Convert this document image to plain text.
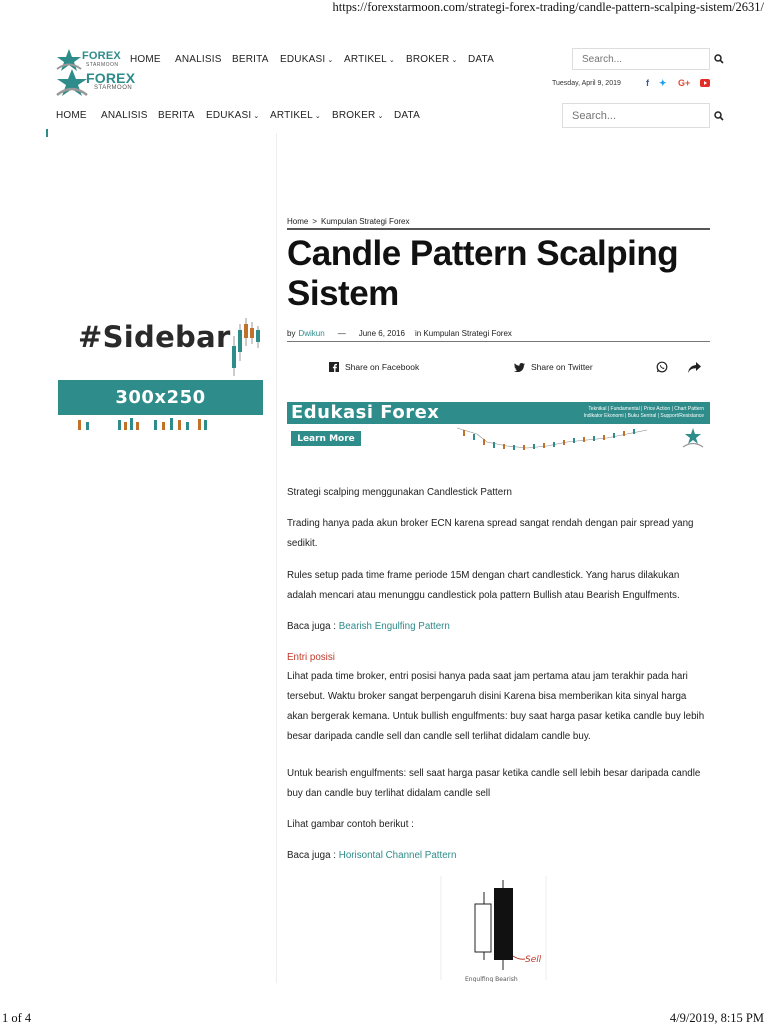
https://forexstarmoon.com/strategi-forex-trading/candle-pattern-scalping-sistem/2631/
FOREX
STARMOON HOME ANALISIS BERITA EDUKASI ⌄ ARTIKEL ⌄ BROKER ⌄ DATA
Search...
FOREX
STARMOON
Tuesday, April 9, 2019	f ✦ G+
HOME ANALISIS BERITA EDUKASI ⌄ ARTIKEL ⌄ BROKER ⌄ DATA
Search...
#Sidebar
300x250
Home > Kumpulan Strategi Forex
Candle Pattern Scalping Sistem
by Dwikun — June 6, 2016 in Kumpulan Strategi Forex
Share on Facebook	Share on Twitter
Edukasi Forex	Teknikal | Fundamental | Price Action | Chart Pattern
Indikator Ekonomi | Buku Sentral | Support/Resistance
Learn More
Strategi scalping menggunakan Candlestick Pattern
Trading hanya pada akun broker ECN karena spread sangat rendah dengan pair spread yang sedikit.
Rules setup pada time frame periode 15M dengan chart candlestick. Yang harus dilakukan adalah mencari atau menunggu candlestick pola pattern Bullish atau Bearish Engulfments.
Baca juga : Bearish Engulfing Pattern
Entri posisi
Lihat pada time broker, entri posisi hanya pada saat jam pertama atau jam terakhir pada hari tersebut. Waktu broker sangat berpengaruh disini Karena bisa memberikan kita sinyal harga akan bergerak kemana. Untuk bullish engulfments: buy saat harga pasar ketika candle buy lebih besar daripada candle sell dan candle sell terlihat didalam candle buy.
Untuk bearish engulfments: sell saat harga pasar ketika candle sell lebih besar daripada candle buy dan candle buy terlihat didalam candle sell
Lihat gambar contoh berikut :
Baca juga : Horisontal Channel Pattern
Sell
Engulfing Bearish
1 of 4	4/9/2019, 8:15 PM
